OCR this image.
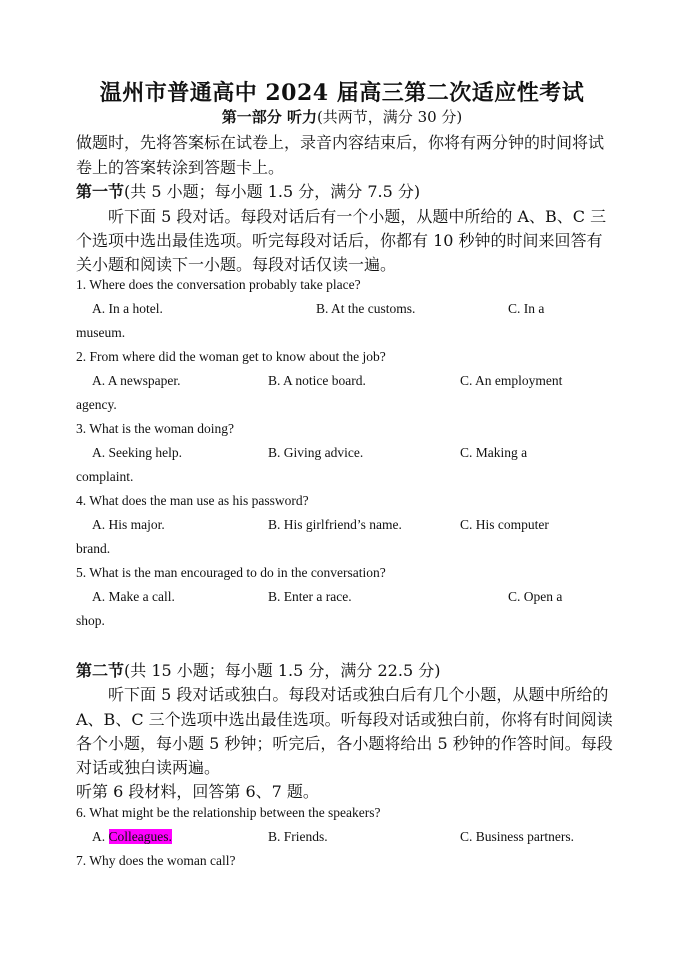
温州市普通高中 2024 届高三第二次适应性考试
第一部分 听力(共两节，满分 30 分)
做题时，先将答案标在试卷上，录音内容结束后，你将有两分钟的时间将试
卷上的答案转涂到答题卡上。
第一节(共 5 小题；每小题 1.5 分，满分 7.5 分)
听下面 5 段对话。每段对话后有一个小题，从题中所给的 A、B、C 三
个选项中选出最佳选项。听完每段对话后，你都有 10 秒钟的时间来回答有
关小题和阅读下一小题。每段对话仅读一遍。
1. Where does the conversation probably take place?
A. In a hotel.	B. At the customs.	C. In a
museum.
2. From where did the woman get to know about the job?
A. A newspaper.	B. A notice board.	C. An employment
agency.
3. What is the woman doing?
A. Seeking help.	B. Giving advice.	C. Making a
complaint.
4. What does the man use as his password?
A. His major.	B. His girlfriend’s name.	C. His computer
brand.
5. What is the man encouraged to do in the conversation?
A. Make a call.	B. Enter a race.	C. Open a
shop.
第二节(共 15 小题；每小题 1.5 分，满分 22.5 分)
听下面 5 段对话或独白。每段对话或独白后有几个小题，从题中所给的
A、B、C 三个选项中选出最佳选项。听每段对话或独白前，你将有时间阅读
各个小题，每小题 5 秒钟；听完后，各小题将给出 5 秒钟的作答时间。每段
对话或独白读两遍。
听第 6 段材料，回答第 6、7 题。
6. What might be the relationship between the speakers?
A. Colleagues.	B. Friends.	C. Business partners.
7. Why does the woman call?
